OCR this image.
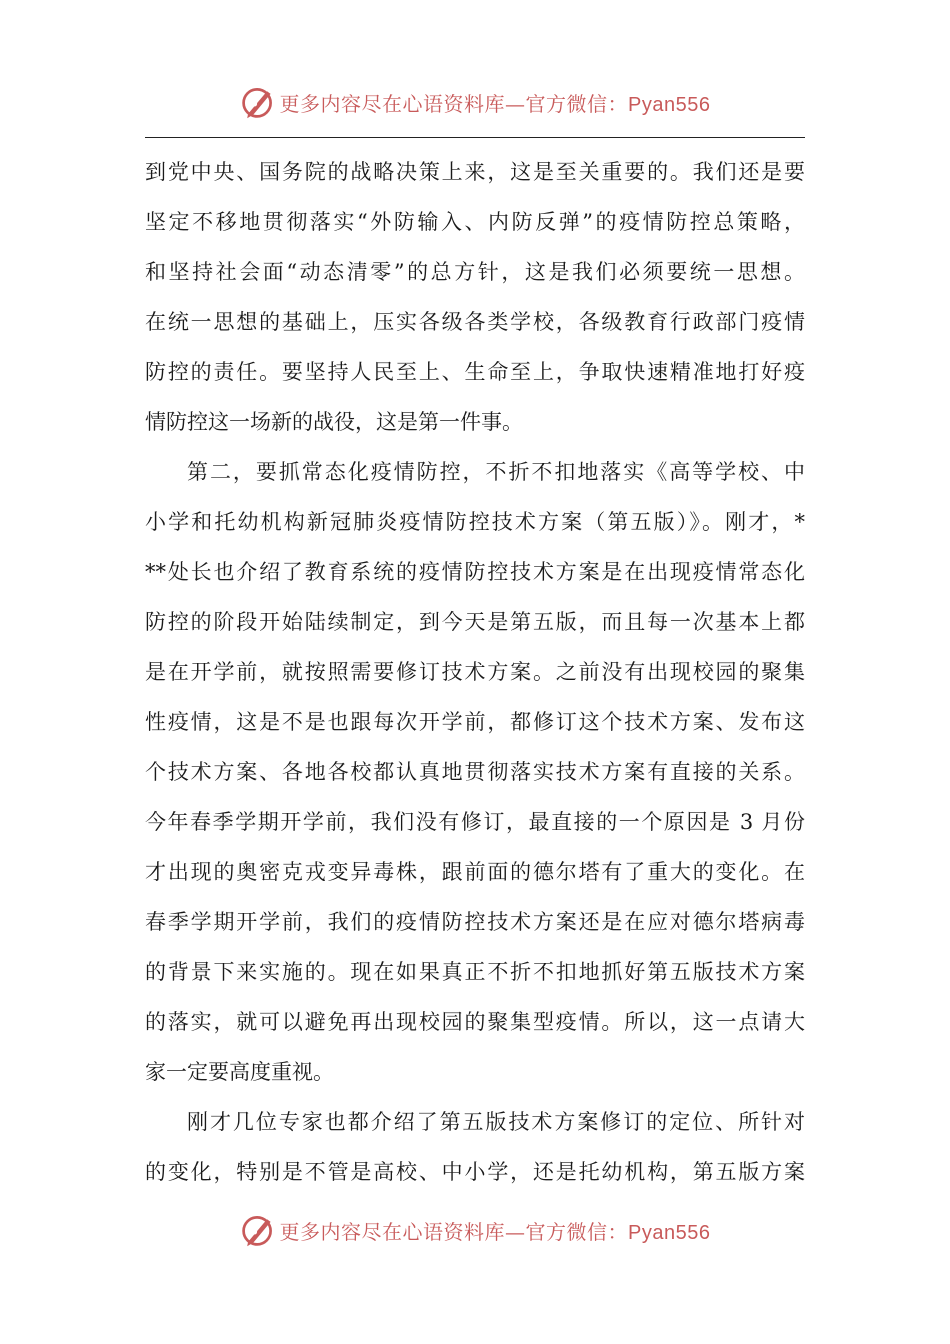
更多内容尽在心语资料库—官方微信：Pyan556
到党中央、国务院的战略决策上来，这是至关重要的。我们还是要
坚定不移地贯彻落实“外防输入、内防反弹”的疫情防控总策略，
和坚持社会面“动态清零”的总方针，这是我们必须要统一思想。
在统一思想的基础上，压实各级各类学校，各级教育行政部门疫情
防控的责任。要坚持人民至上、生命至上，争取快速精准地打好疫
情防控这一场新的战役，这是第一件事。
第二，要抓常态化疫情防控，不折不扣地落实《高等学校、中
小学和托幼机构新冠肺炎疫情防控技术方案（第五版）》。刚才，*
**处长也介绍了教育系统的疫情防控技术方案是在出现疫情常态化
防控的阶段开始陆续制定，到今天是第五版，而且每一次基本上都
是在开学前，就按照需要修订技术方案。之前没有出现校园的聚集
性疫情，这是不是也跟每次开学前，都修订这个技术方案、发布这
个技术方案、各地各校都认真地贯彻落实技术方案有直接的关系。
今年春季学期开学前，我们没有修订，最直接的一个原因是 3 月份
才出现的奥密克戎变异毒株，跟前面的德尔塔有了重大的变化。在
春季学期开学前，我们的疫情防控技术方案还是在应对德尔塔病毒
的背景下来实施的。现在如果真正不折不扣地抓好第五版技术方案
的落实，就可以避免再出现校园的聚集型疫情。所以，这一点请大
家一定要高度重视。
刚才几位专家也都介绍了第五版技术方案修订的定位、所针对
的变化，特别是不管是高校、中小学，还是托幼机构，第五版方案
更多内容尽在心语资料库—官方微信：Pyan556
